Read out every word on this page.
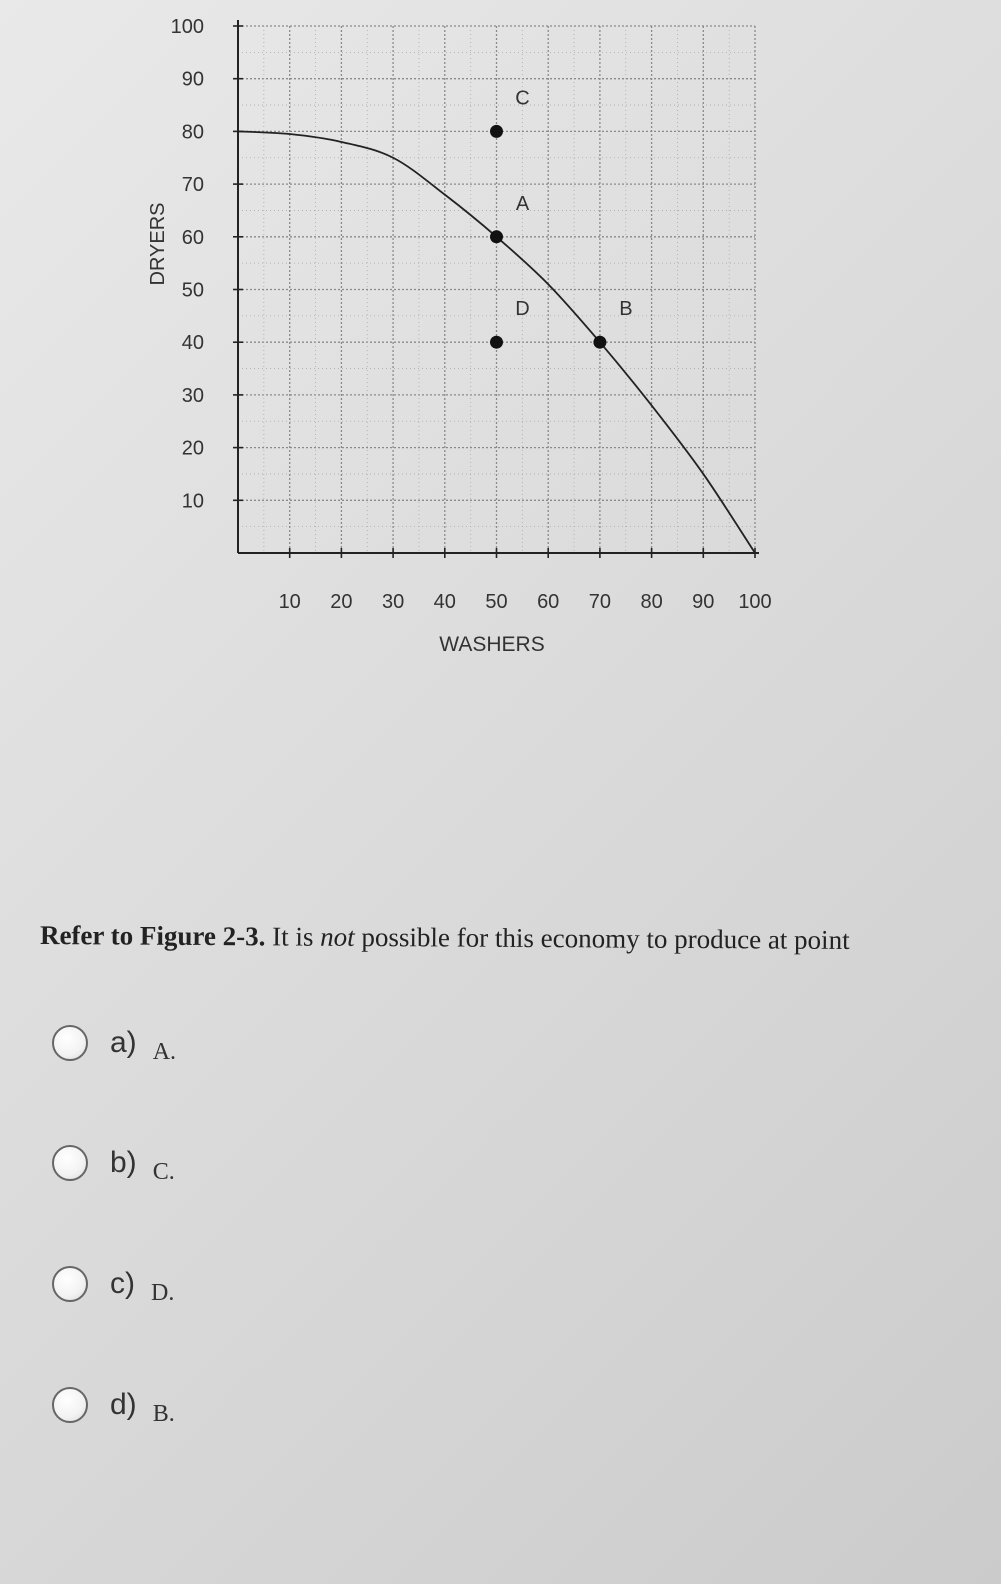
10 20 30 40 50 60 70 80 90 100
100
90
80
70
60
50
40
30
20
10
C
A
D	B
WASHERS
DRYERS
Refer to Figure 2-3. It is not possible for this economy to produce at point
a) A.
b) C.
c) D.
d) B.
